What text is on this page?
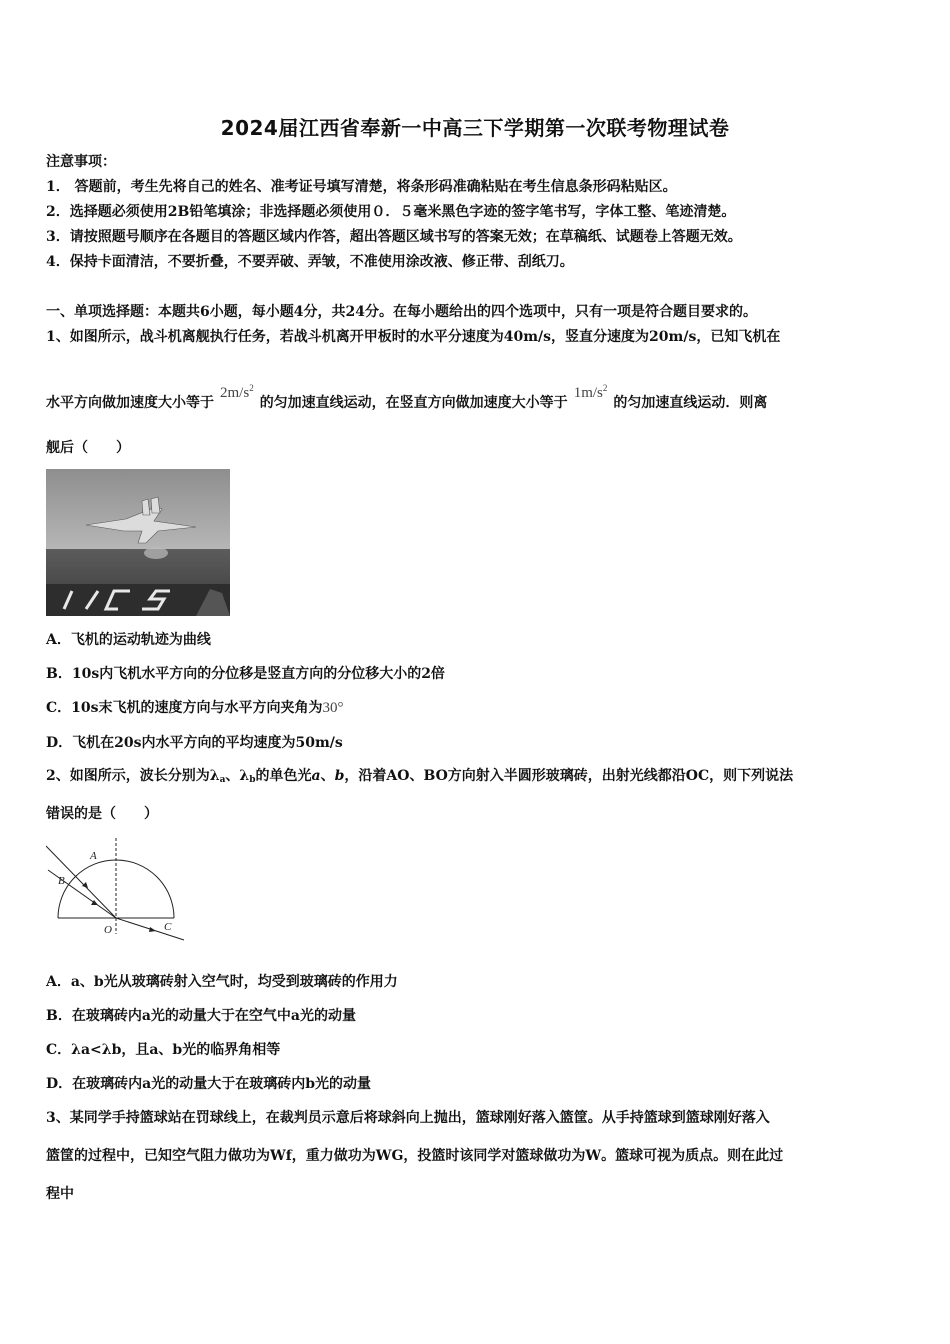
2024届江西省奉新一中高三下学期第一次联考物理试卷
注意事项：
1． 答题前，考生先将自己的姓名、准考证号填写清楚，将条形码准确粘贴在考生信息条形码粘贴区。
2．选择题必须使用2B铅笔填涂；非选择题必须使用０．５毫米黑色字迹的签字笔书写，字体工整、笔迹清楚。
3．请按照题号顺序在各题目的答题区域内作答，超出答题区域书写的答案无效；在草稿纸、试题卷上答题无效。
4．保持卡面清洁，不要折叠，不要弄破、弄皱，不准使用涂改液、修正带、刮纸刀。
一、单项选择题：本题共6小题，每小题4分，共24分。在每小题给出的四个选项中，只有一项是符合题目要求的。
1、如图所示，战斗机离舰执行任务，若战斗机离开甲板时的水平分速度为40m/s，竖直分速度为20m/s，已知飞机在
水平方向做加速度大小等于$2m/s^2$的匀加速直线运动，在竖直方向做加速度大小等于$1m/s^2$的匀加速直线运动．则离
舰后（　　）
A．飞机的运动轨迹为曲线
B．10s内飞机水平方向的分位移是竖直方向的分位移大小的2倍
C．10s末飞机的速度方向与水平方向夹角为30°
D．飞机在20s内水平方向的平均速度为50m/s
2、如图所示，波长分别为$\lambda_a$、$\lambda_b$的单色光a、b，沿着AO、BO方向射入半圆形玻璃砖，出射光线都沿OC，则下列说法
错误的是（　　）
A
B
O	C
A．a、b光从玻璃砖射入空气时，均受到玻璃砖的作用力
B．在玻璃砖内a光的动量大于在空气中a光的动量
C．λa<λb，且a、b光的临界角相等
D．在玻璃砖内a光的动量大于在玻璃砖内b光的动量
3、某同学手持篮球站在罚球线上，在裁判员示意后将球斜向上抛出，篮球刚好落入篮筐。从手持篮球到篮球刚好落入
篮筐的过程中，已知空气阻力做功为Wf，重力做功为WG，投篮时该同学对篮球做功为W。篮球可视为质点。则在此过
程中
